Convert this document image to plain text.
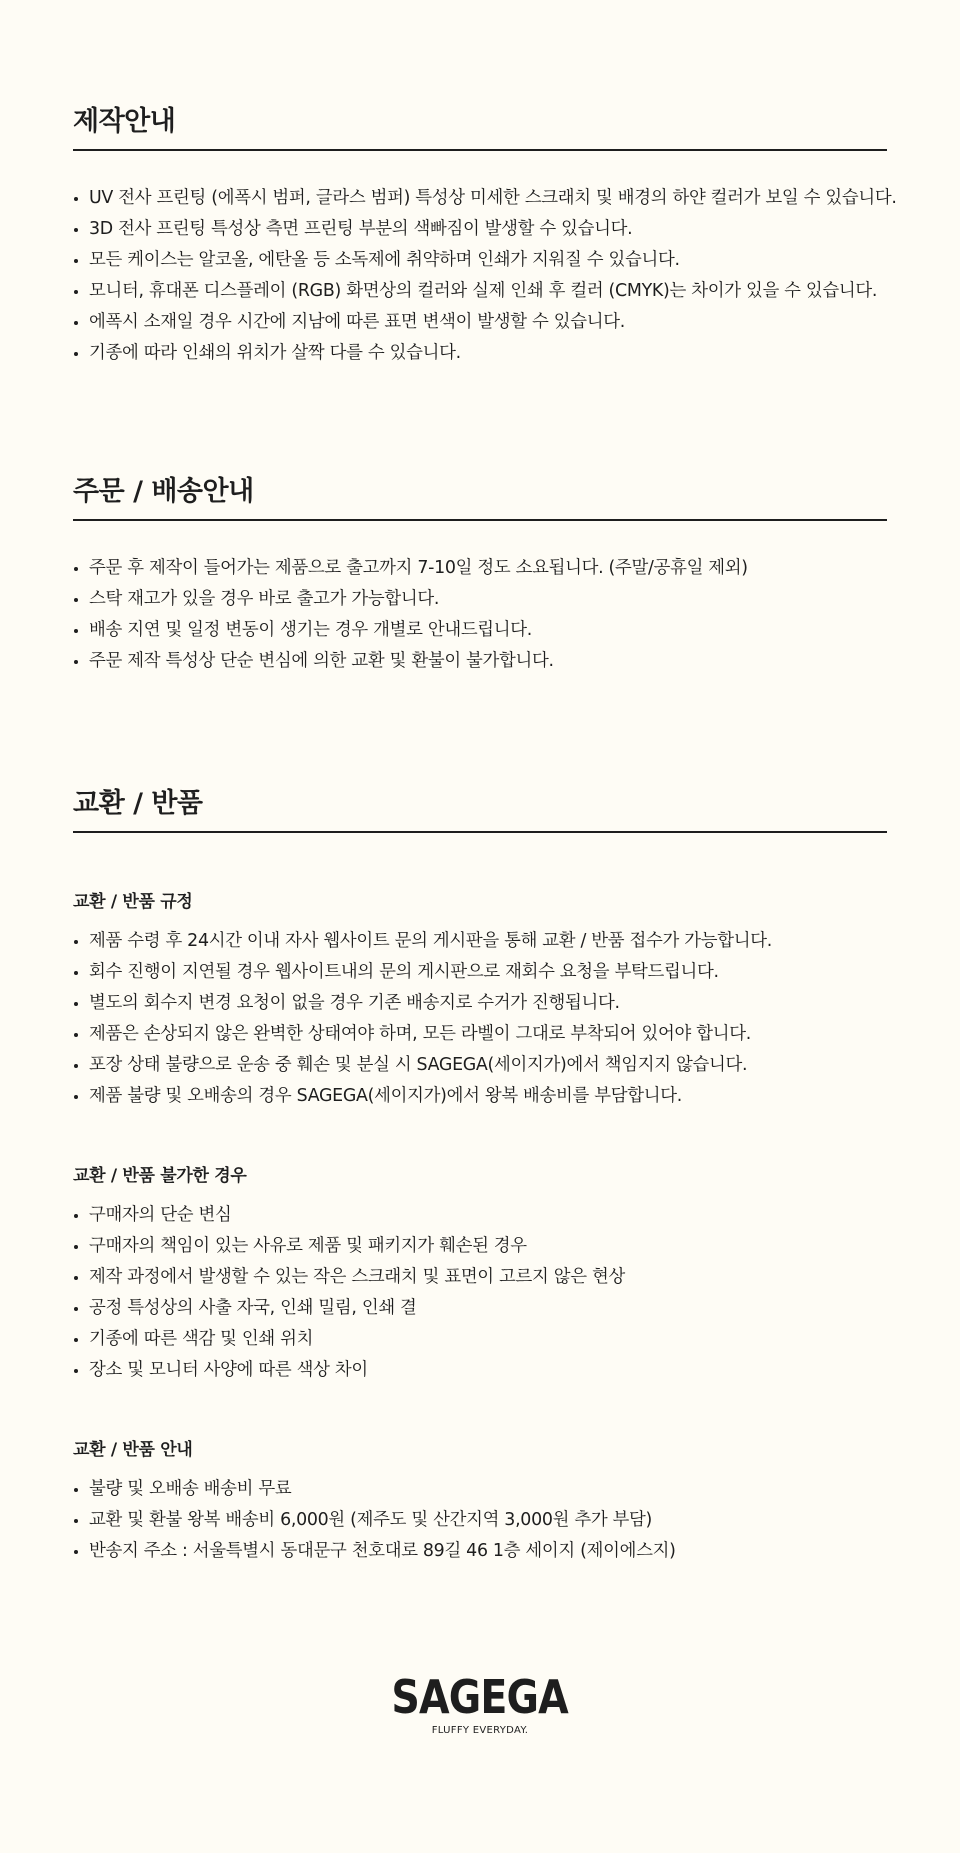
제작안내
UV 전사 프린팅 (에폭시 범퍼, 글라스 범퍼) 특성상 미세한 스크래치 및 배경의 하얀 컬러가 보일 수 있습니다.
3D 전사 프린팅 특성상 측면 프린팅 부분의 색빠짐이 발생할 수 있습니다.
모든 케이스는 알코올, 에탄올 등 소독제에 취약하며 인쇄가 지워질 수 있습니다.
모니터, 휴대폰 디스플레이 (RGB) 화면상의 컬러와 실제 인쇄 후 컬러 (CMYK)는 차이가 있을 수 있습니다.
에폭시 소재일 경우 시간에 지남에 따른 표면 변색이 발생할 수 있습니다.
기종에 따라 인쇄의 위치가 살짝 다를 수 있습니다.
주문 / 배송안내
주문 후 제작이 들어가는 제품으로 출고까지 7-10일 정도 소요됩니다. (주말/공휴일 제외)
스탁 재고가 있을 경우 바로 출고가 가능합니다.
배송 지연 및 일정 변동이 생기는 경우 개별로 안내드립니다.
주문 제작 특성상 단순 변심에 의한 교환 및 환불이 불가합니다.
교환 / 반품
교환 / 반품 규정
제품 수령 후 24시간 이내 자사 웹사이트 문의 게시판을 통해 교환 / 반품 접수가 가능합니다.
회수 진행이 지연될 경우 웹사이트내의 문의 게시판으로 재회수 요청을 부탁드립니다.
별도의 회수지 변경 요청이 없을 경우 기존 배송지로 수거가 진행됩니다.
제품은 손상되지 않은 완벽한 상태여야 하며, 모든 라벨이 그대로 부착되어 있어야 합니다.
포장 상태 불량으로 운송 중 훼손 및 분실 시 SAGEGA(세이지가)에서 책임지지 않습니다.
제품 불량 및 오배송의 경우 SAGEGA(세이지가)에서 왕복 배송비를 부담합니다.
교환 / 반품 불가한 경우
구매자의 단순 변심
구매자의 책임이 있는 사유로 제품 및 패키지가 훼손된 경우
제작 과정에서 발생할 수 있는 작은 스크래치 및 표면이 고르지 않은 현상
공정 특성상의 사출 자국, 인쇄 밀림, 인쇄 결
기종에 따른 색감 및 인쇄 위치
장소 및 모니터 사양에 따른 색상 차이
교환 / 반품 안내
불량 및 오배송 배송비 무료
교환 및 환불 왕복 배송비 6,000원 (제주도 및 산간지역 3,000원 추가 부담)
반송지 주소 : 서울특별시 동대문구 천호대로 89길 46 1층 세이지 (제이에스지)
SAGEGA
FLUFFY EVERYDAY.
